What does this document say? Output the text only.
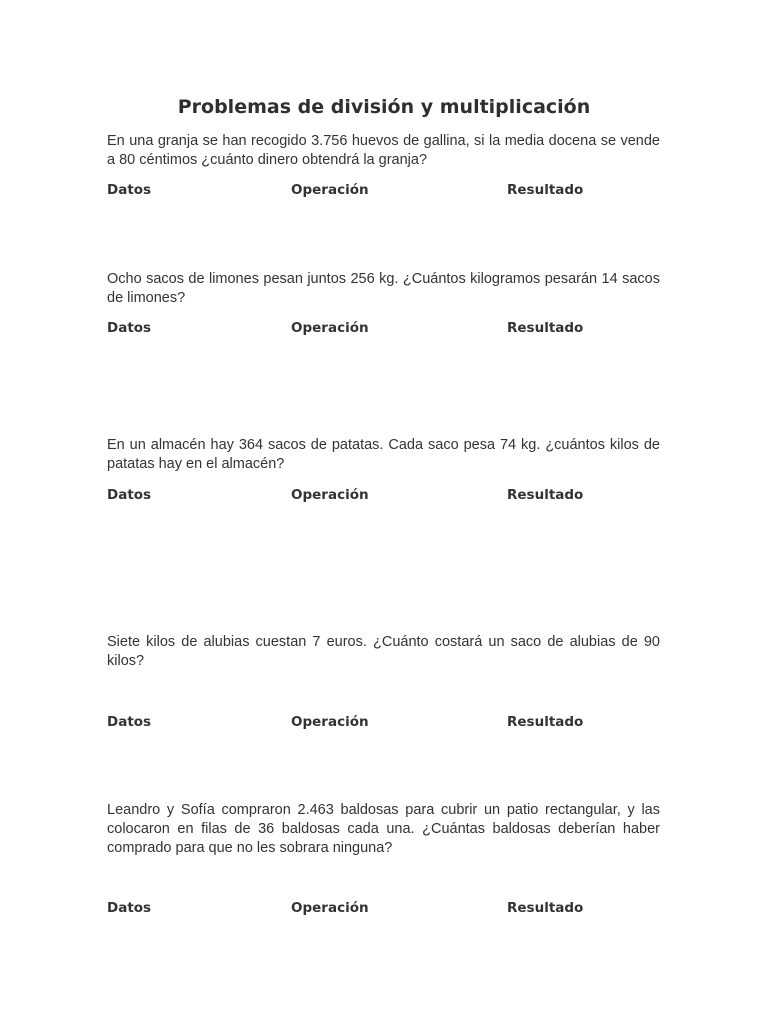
Problemas de división y multiplicación

En una granja se han recogido 3.756 huevos de gallina, si la media docena se vende a 80 céntimos ¿cuánto dinero obtendrá la granja?

Datos	Operación	Resultado

Ocho sacos de limones pesan juntos 256 kg. ¿Cuántos kilogramos pesarán 14 sacos de limones?

Datos	Operación	Resultado

En un almacén hay 364 sacos de patatas. Cada saco pesa 74 kg. ¿cuántos kilos de patatas hay en el almacén?

Datos	Operación	Resultado

Siete kilos de alubias cuestan 7 euros. ¿Cuánto costará un saco de alubias de 90 kilos?

Datos	Operación	Resultado

Leandro y Sofía compraron 2.463 baldosas para cubrir un patio rectangular, y las colocaron en filas de 36 baldosas cada una. ¿Cuántas baldosas deberían haber comprado para que no les sobrara ninguna?

Datos	Operación	Resultado
